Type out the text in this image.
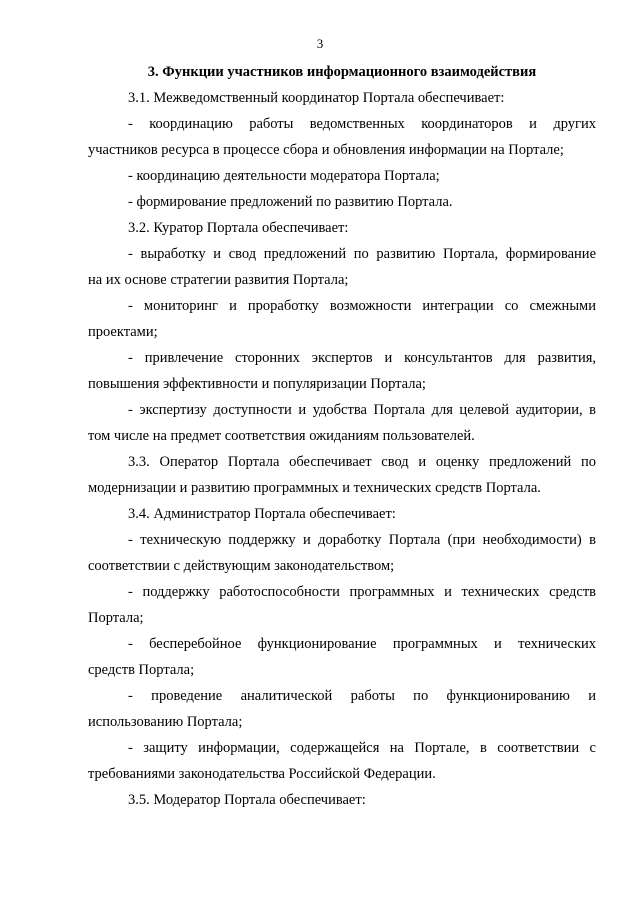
3
3. Функции участников информационного взаимодействия
3.1. Межведомственный координатор Портала обеспечивает:
- координацию работы ведомственных координаторов и других
участников ресурса в процессе сбора и обновления информации на Портале;
- координацию деятельности модератора Портала;
- формирование предложений по развитию Портала.
3.2. Куратор Портала обеспечивает:
- выработку и свод предложений по развитию Портала, формирование
на их основе стратегии развития Портала;
- мониторинг и проработку возможности интеграции со смежными
проектами;
- привлечение сторонних экспертов и консультантов для развития,
повышения эффективности и популяризации Портала;
- экспертизу доступности и удобства Портала для целевой аудитории, в
том числе на предмет соответствия ожиданиям пользователей.
3.3. Оператор Портала обеспечивает свод и оценку предложений по
модернизации и развитию программных и технических средств Портала.
3.4. Администратор Портала обеспечивает:
- техническую поддержку и доработку Портала (при необходимости) в
соответствии с действующим законодательством;
- поддержку работоспособности программных и технических средств
Портала;
- бесперебойное функционирование программных и технических
средств Портала;
- проведение аналитической работы по функционированию и
использованию Портала;
- защиту информации, содержащейся на Портале, в соответствии с
требованиями законодательства Российской Федерации.
3.5. Модератор Портала обеспечивает:
